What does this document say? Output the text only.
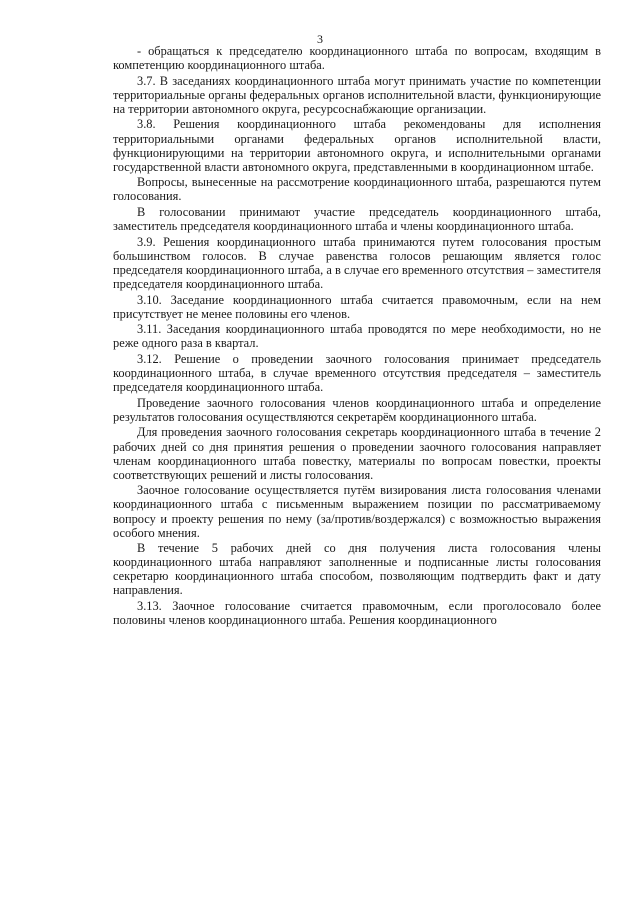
3

- обращаться к председателю координационного штаба по вопросам, входящим в компетенцию координационного штаба.

3.7. В заседаниях координационного штаба могут принимать участие по компетенции территориальные органы федеральных органов исполнительной власти, функционирующие на территории автономного округа, ресурсоснабжающие организации.

3.8. Решения координационного штаба рекомендованы для исполнения территориальными органами федеральных органов исполнительной власти, функционирующими на территории автономного округа, и исполнительными органами государственной власти автономного округа, представленными в координационном штабе.

Вопросы, вынесенные на рассмотрение координационного штаба, разрешаются путем голосования.

В голосовании принимают участие председатель координационного штаба, заместитель председателя координационного штаба и члены координационного штаба.

3.9. Решения координационного штаба принимаются путем голосования простым большинством голосов. В случае равенства голосов решающим является голос председателя координационного штаба, а в случае его временного отсутствия – заместителя председателя координационного штаба.

3.10. Заседание координационного штаба считается правомочным, если на нем присутствует не менее половины его членов.

3.11. Заседания координационного штаба проводятся по мере необходимости, но не реже одного раза в квартал.

3.12. Решение о проведении заочного голосования принимает председатель координационного штаба, в случае временного отсутствия председателя – заместитель председателя координационного штаба.

Проведение заочного голосования членов координационного штаба и определение результатов голосования осуществляются секретарём координационного штаба.

Для проведения заочного голосования секретарь координационного штаба в течение 2 рабочих дней со дня принятия решения о проведении заочного голосования направляет членам координационного штаба повестку, материалы по вопросам повестки, проекты соответствующих решений и листы голосования.

Заочное голосование осуществляется путём визирования листа голосования членами координационного штаба с письменным выражением позиции по рассматриваемому вопросу и проекту решения по нему (за/против/воздержался) с возможностью выражения особого мнения.

В течение 5 рабочих дней со дня получения листа голосования члены координационного штаба направляют заполненные и подписанные листы голосования секретарю координационного штаба способом, позволяющим подтвердить факт и дату направления.

3.13. Заочное голосование считается правомочным, если проголосовало более половины членов координационного штаба. Решения координационного
